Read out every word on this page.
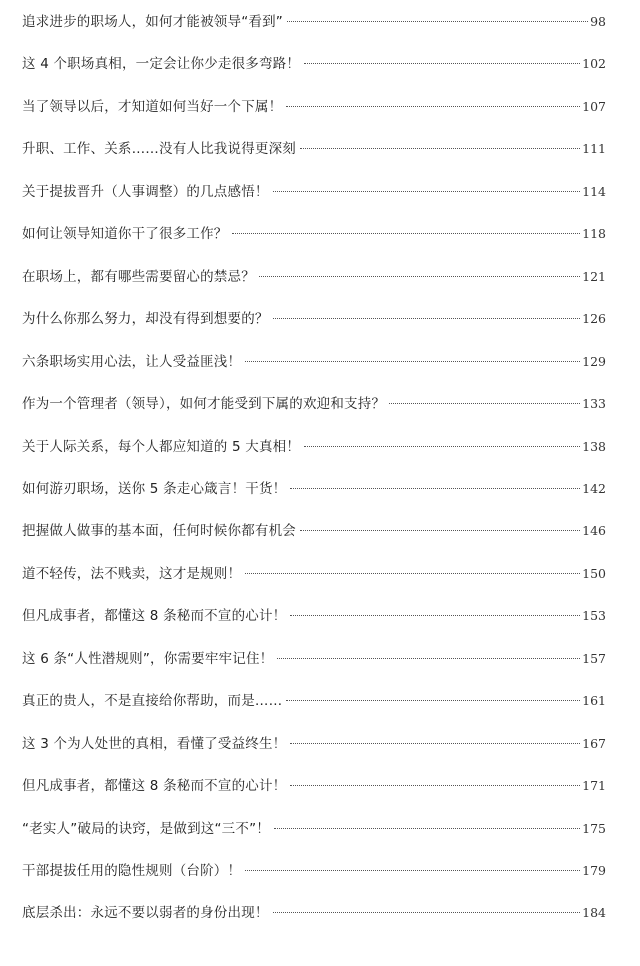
追求进步的职场人，如何才能被领导“看到”	98
这 4 个职场真相，一定会让你少走很多弯路！	102
当了领导以后，才知道如何当好一个下属！	107
升职、工作、关系……没有人比我说得更深刻	111
关于提拔晋升（人事调整）的几点感悟！	114
如何让领导知道你干了很多工作？	118
在职场上，都有哪些需要留心的禁忌？	121
为什么你那么努力，却没有得到想要的？	126
六条职场实用心法，让人受益匪浅！	129
作为一个管理者（领导），如何才能受到下属的欢迎和支持？	133
关于人际关系，每个人都应知道的 5 大真相！	138
如何游刃职场，送你 5 条走心箴言！干货！	142
把握做人做事的基本面，任何时候你都有机会	146
道不轻传，法不贱卖，这才是规则！	150
但凡成事者，都懂这 8 条秘而不宣的心计！	153
这 6 条“人性潜规则”，你需要牢牢记住！	157
真正的贵人，不是直接给你帮助，而是……	161
这 3 个为人处世的真相，看懂了受益终生！	167
但凡成事者，都懂这 8 条秘而不宣的心计！	171
“老实人”破局的诀窍，是做到这“三不”！	175
干部提拔任用的隐性规则（台阶）！	179
底层杀出：永远不要以弱者的身份出现！	184
